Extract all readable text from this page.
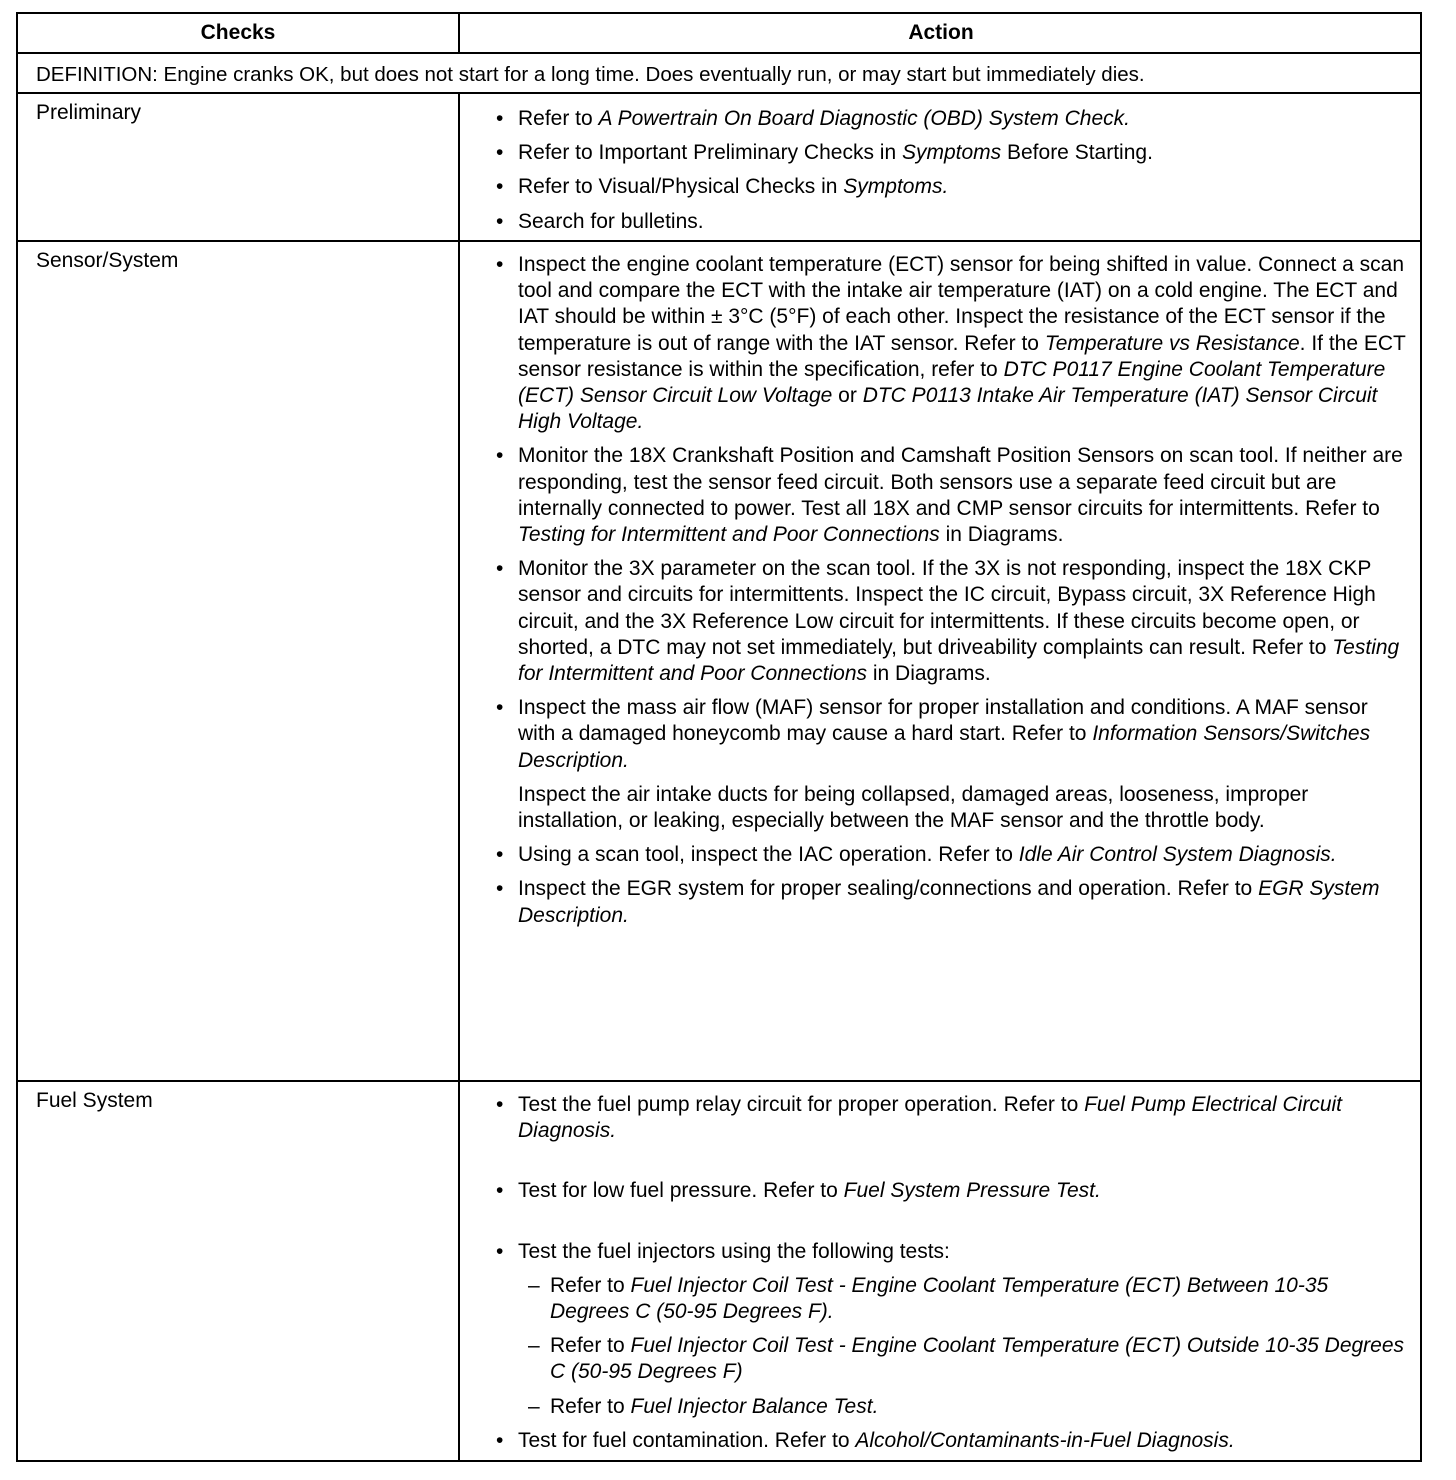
Checks	Action
DEFINITION: Engine cranks OK, but does not start for a long time. Does eventually run, or may start but immediately dies.
Preliminary	• Refer to A Powertrain On Board Diagnostic (OBD) System Check.
• Refer to Important Preliminary Checks in Symptoms Before Starting.
• Refer to Visual/Physical Checks in Symptoms.
• Search for bulletins.
Sensor/System	• Inspect the engine coolant temperature (ECT) sensor for being shifted in value. Connect a scan tool and compare the ECT with the intake air temperature (IAT) on a cold engine. The ECT and IAT should be within ± 3°C (5°F) of each other. Inspect the resistance of the ECT sensor if the temperature is out of range with the IAT sensor. Refer to Temperature vs Resistance. If the ECT sensor resistance is within the specification, refer to DTC P0117 Engine Coolant Temperature (ECT) Sensor Circuit Low Voltage or DTC P0113 Intake Air Temperature (IAT) Sensor Circuit High Voltage.
• Monitor the 18X Crankshaft Position and Camshaft Position Sensors on scan tool. If neither are responding, test the sensor feed circuit. Both sensors use a separate feed circuit but are internally connected to power. Test all 18X and CMP sensor circuits for intermittents. Refer to Testing for Intermittent and Poor Connections in Diagrams.
• Monitor the 3X parameter on the scan tool. If the 3X is not responding, inspect the 18X CKP sensor and circuits for intermittents. Inspect the IC circuit, Bypass circuit, 3X Reference High circuit, and the 3X Reference Low circuit for intermittents. If these circuits become open, or shorted, a DTC may not set immediately, but driveability complaints can result. Refer to Testing for Intermittent and Poor Connections in Diagrams.
• Inspect the mass air flow (MAF) sensor for proper installation and conditions. A MAF sensor with a damaged honeycomb may cause a hard start. Refer to Information Sensors/Switches Description.
Inspect the air intake ducts for being collapsed, damaged areas, looseness, improper installation, or leaking, especially between the MAF sensor and the throttle body.
• Using a scan tool, inspect the IAC operation. Refer to Idle Air Control System Diagnosis.
• Inspect the EGR system for proper sealing/connections and operation. Refer to EGR System Description.
Fuel System	• Test the fuel pump relay circuit for proper operation. Refer to Fuel Pump Electrical Circuit Diagnosis.
• Test for low fuel pressure. Refer to Fuel System Pressure Test.
• Test the fuel injectors using the following tests:
– Refer to Fuel Injector Coil Test - Engine Coolant Temperature (ECT) Between 10-35 Degrees C (50-95 Degrees F).
– Refer to Fuel Injector Coil Test - Engine Coolant Temperature (ECT) Outside 10-35 Degrees C (50-95 Degrees F)
– Refer to Fuel Injector Balance Test.
• Test for fuel contamination. Refer to Alcohol/Contaminants-in-Fuel Diagnosis.
